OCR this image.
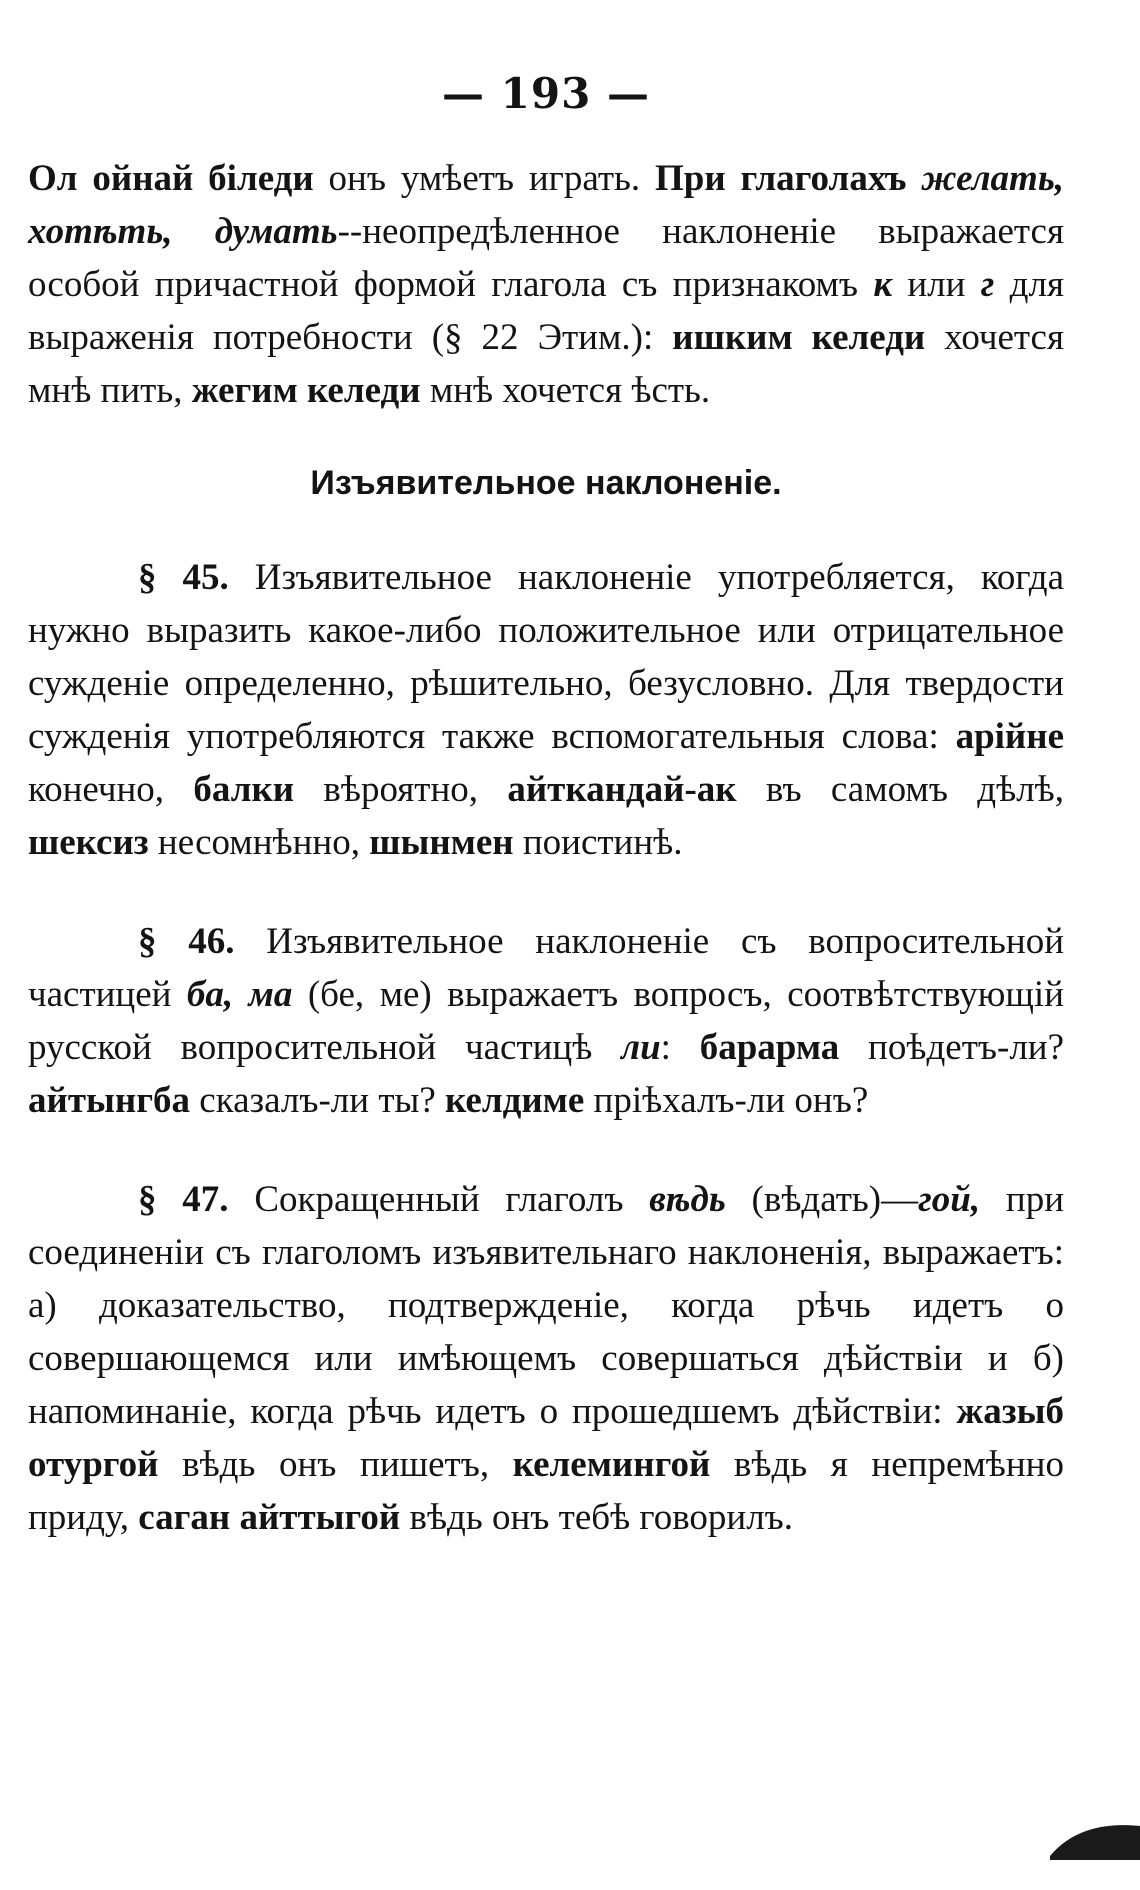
— 193 —

Ол ойнай біледи онъ умѣетъ играть. При глаголахъ желать, хотѣть, думать--неопредѣленное наклоненіе выражается особой причастной формой глагола съ признакомъ к или г для выраженія потребности (§ 22 Этим.): ишким келеди хочется мнѣ пить, жегим келеди мнѣ хочется ѣсть.

Изъявительное наклоненіе.

§ 45. Изъявительное наклоненіе употребляется, когда нужно выразить какое-либо положительное или отрицательное сужденіе определенно, рѣшительно, безусловно. Для твердости сужденія употребляются также вспомогательныя слова: арійне конечно, балки вѣроятно, айткандай-ак въ самомъ дѣлѣ, шексиз несомнѣнно, шынмен поистинѣ.

§ 46. Изъявительное наклоненіе съ вопросительной частицей ба, ма (бе, ме) выражаетъ вопросъ, соотвѣтствующій русской вопросительной частицѣ ли: барарма поѣдетъ-ли? айтынгба сказалъ-ли ты? келдиме пріѣхалъ-ли онъ?

§ 47. Сокращенный глаголъ вѣдь (вѣдать)—гой, при соединеніи съ глаголомъ изъявительнаго наклоненія, выражаетъ: а) доказательство, подтвержденіе, когда рѣчь идетъ о совершающемся или имѣющемъ совершаться дѣйствіи и б) напоминаніе, когда рѣчь идетъ о прошедшемъ дѣйствіи: жазыб отургой вѣдь онъ пишетъ, келемингой вѣдь я непремѣнно приду, саган айттыгой вѣдь онъ тебѣ говорилъ.
